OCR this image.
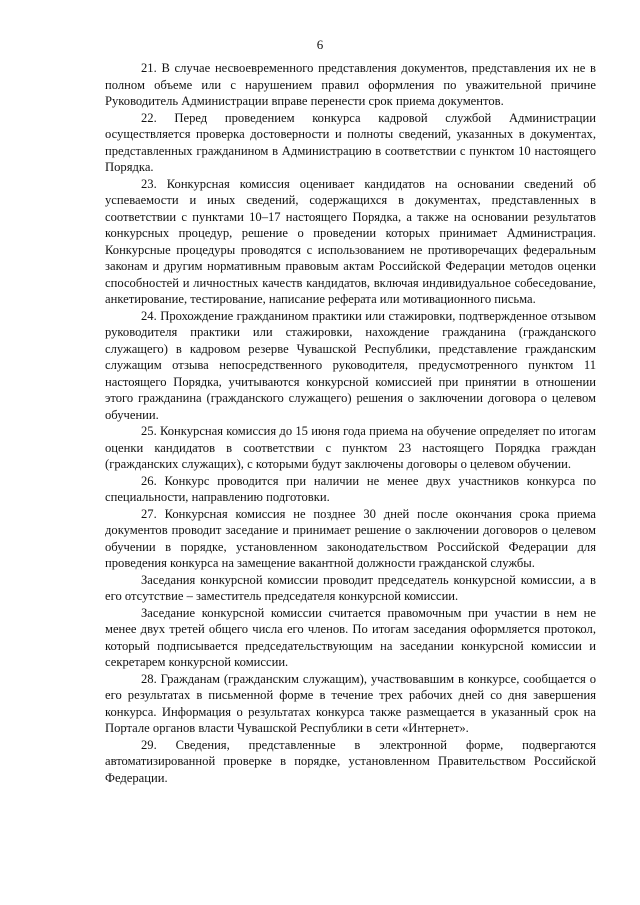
6

21. В случае несвоевременного представления документов, представления их не в полном объеме или с нарушением правил оформления по уважительной причине Руководитель Администрации вправе перенести срок приема документов.

22. Перед проведением конкурса кадровой службой Администрации осуществляется проверка достоверности и полноты сведений, указанных в документах, представленных гражданином в Администрацию в соответствии с пунктом 10 настоящего Порядка.

23. Конкурсная комиссия оценивает кандидатов на основании сведений об успеваемости и иных сведений, содержащихся в документах, представленных в соответствии с пунктами 10–17 настоящего Порядка, а также на основании результатов конкурсных процедур, решение о проведении которых принимает Администрация. Конкурсные процедуры проводятся с использованием не противоречащих федеральным законам и другим нормативным правовым актам Российской Федерации методов оценки способностей и личностных качеств кандидатов, включая индивидуальное собеседование, анкетирование, тестирование, написание реферата или мотивационного письма.

24. Прохождение гражданином практики или стажировки, подтвержденное отзывом руководителя практики или стажировки, нахождение гражданина (гражданского служащего) в кадровом резерве Чувашской Республики, представление гражданским служащим отзыва непосредственного руководителя, предусмотренного пунктом 11 настоящего Порядка, учитываются конкурсной комиссией при принятии в отношении этого гражданина (гражданского служащего) решения о заключении договора о целевом обучении.

25. Конкурсная комиссия до 15 июня года приема на обучение определяет по итогам оценки кандидатов в соответствии с пунктом 23 настоящего Порядка граждан (гражданских служащих), с которыми будут заключены договоры о целевом обучении.

26. Конкурс проводится при наличии не менее двух участников конкурса по специальности, направлению подготовки.

27. Конкурсная комиссия не позднее 30 дней после окончания срока приема документов проводит заседание и принимает решение о заключении договоров о целевом обучении в порядке, установленном законодательством Российской Федерации для проведения конкурса на замещение вакантной должности гражданской службы.

Заседания конкурсной комиссии проводит председатель конкурсной комиссии, а в его отсутствие – заместитель председателя конкурсной комиссии.

Заседание конкурсной комиссии считается правомочным при участии в нем не менее двух третей общего числа его членов. По итогам заседания оформляется протокол, который подписывается председательствующим на заседании конкурсной комиссии и секретарем конкурсной комиссии.

28. Гражданам (гражданским служащим), участвовавшим в конкурсе, сообщается о его результатах в письменной форме в течение трех рабочих дней со дня завершения конкурса. Информация о результатах конкурса также размещается в указанный срок на Портале органов власти Чувашской Республики в сети «Интернет».

29. Сведения, представленные в электронной форме, подвергаются автоматизированной проверке в порядке, установленном Правительством Российской Федерации.
